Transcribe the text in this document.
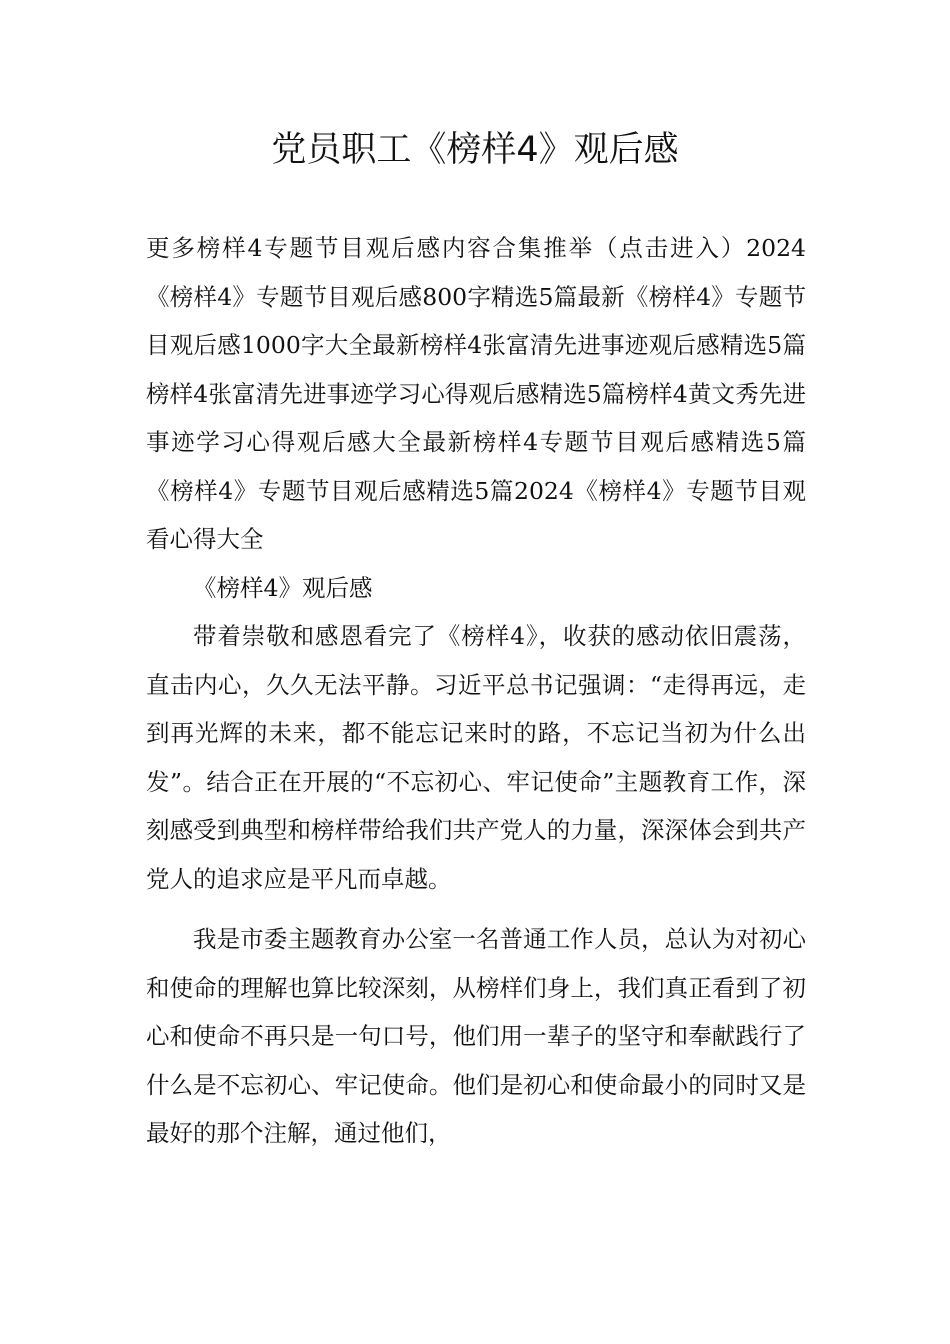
党员职工《榜样4》观后感

更多榜样4专题节目观后感内容合集推举（点击进入）2024《榜样4》专题节目观后感800字精选5篇最新《榜样4》专题节目观后感1000字大全最新榜样4张富清先进事迹观后感精选5篇榜样4张富清先进事迹学习心得观后感精选5篇榜样4黄文秀先进事迹学习心得观后感大全最新榜样4专题节目观后感精选5篇《榜样4》专题节目观后感精选5篇2024《榜样4》专题节目观看心得大全

《榜样4》观后感

带着崇敬和感恩看完了《榜样4》，收获的感动依旧震荡，直击内心，久久无法平静。习近平总书记强调：“走得再远，走到再光辉的未来，都不能忘记来时的路，不忘记当初为什么出发”。结合正在开展的“不忘初心、牢记使命”主题教育工作，深刻感受到典型和榜样带给我们共产党人的力量，深深体会到共产党人的追求应是平凡而卓越。

我是市委主题教育办公室一名普通工作人员，总认为对初心和使命的理解也算比较深刻，从榜样们身上，我们真正看到了初心和使命不再只是一句口号，他们用一辈子的坚守和奉献践行了什么是不忘初心、牢记使命。他们是初心和使命最小的同时又是最好的那个注解，通过他们，
